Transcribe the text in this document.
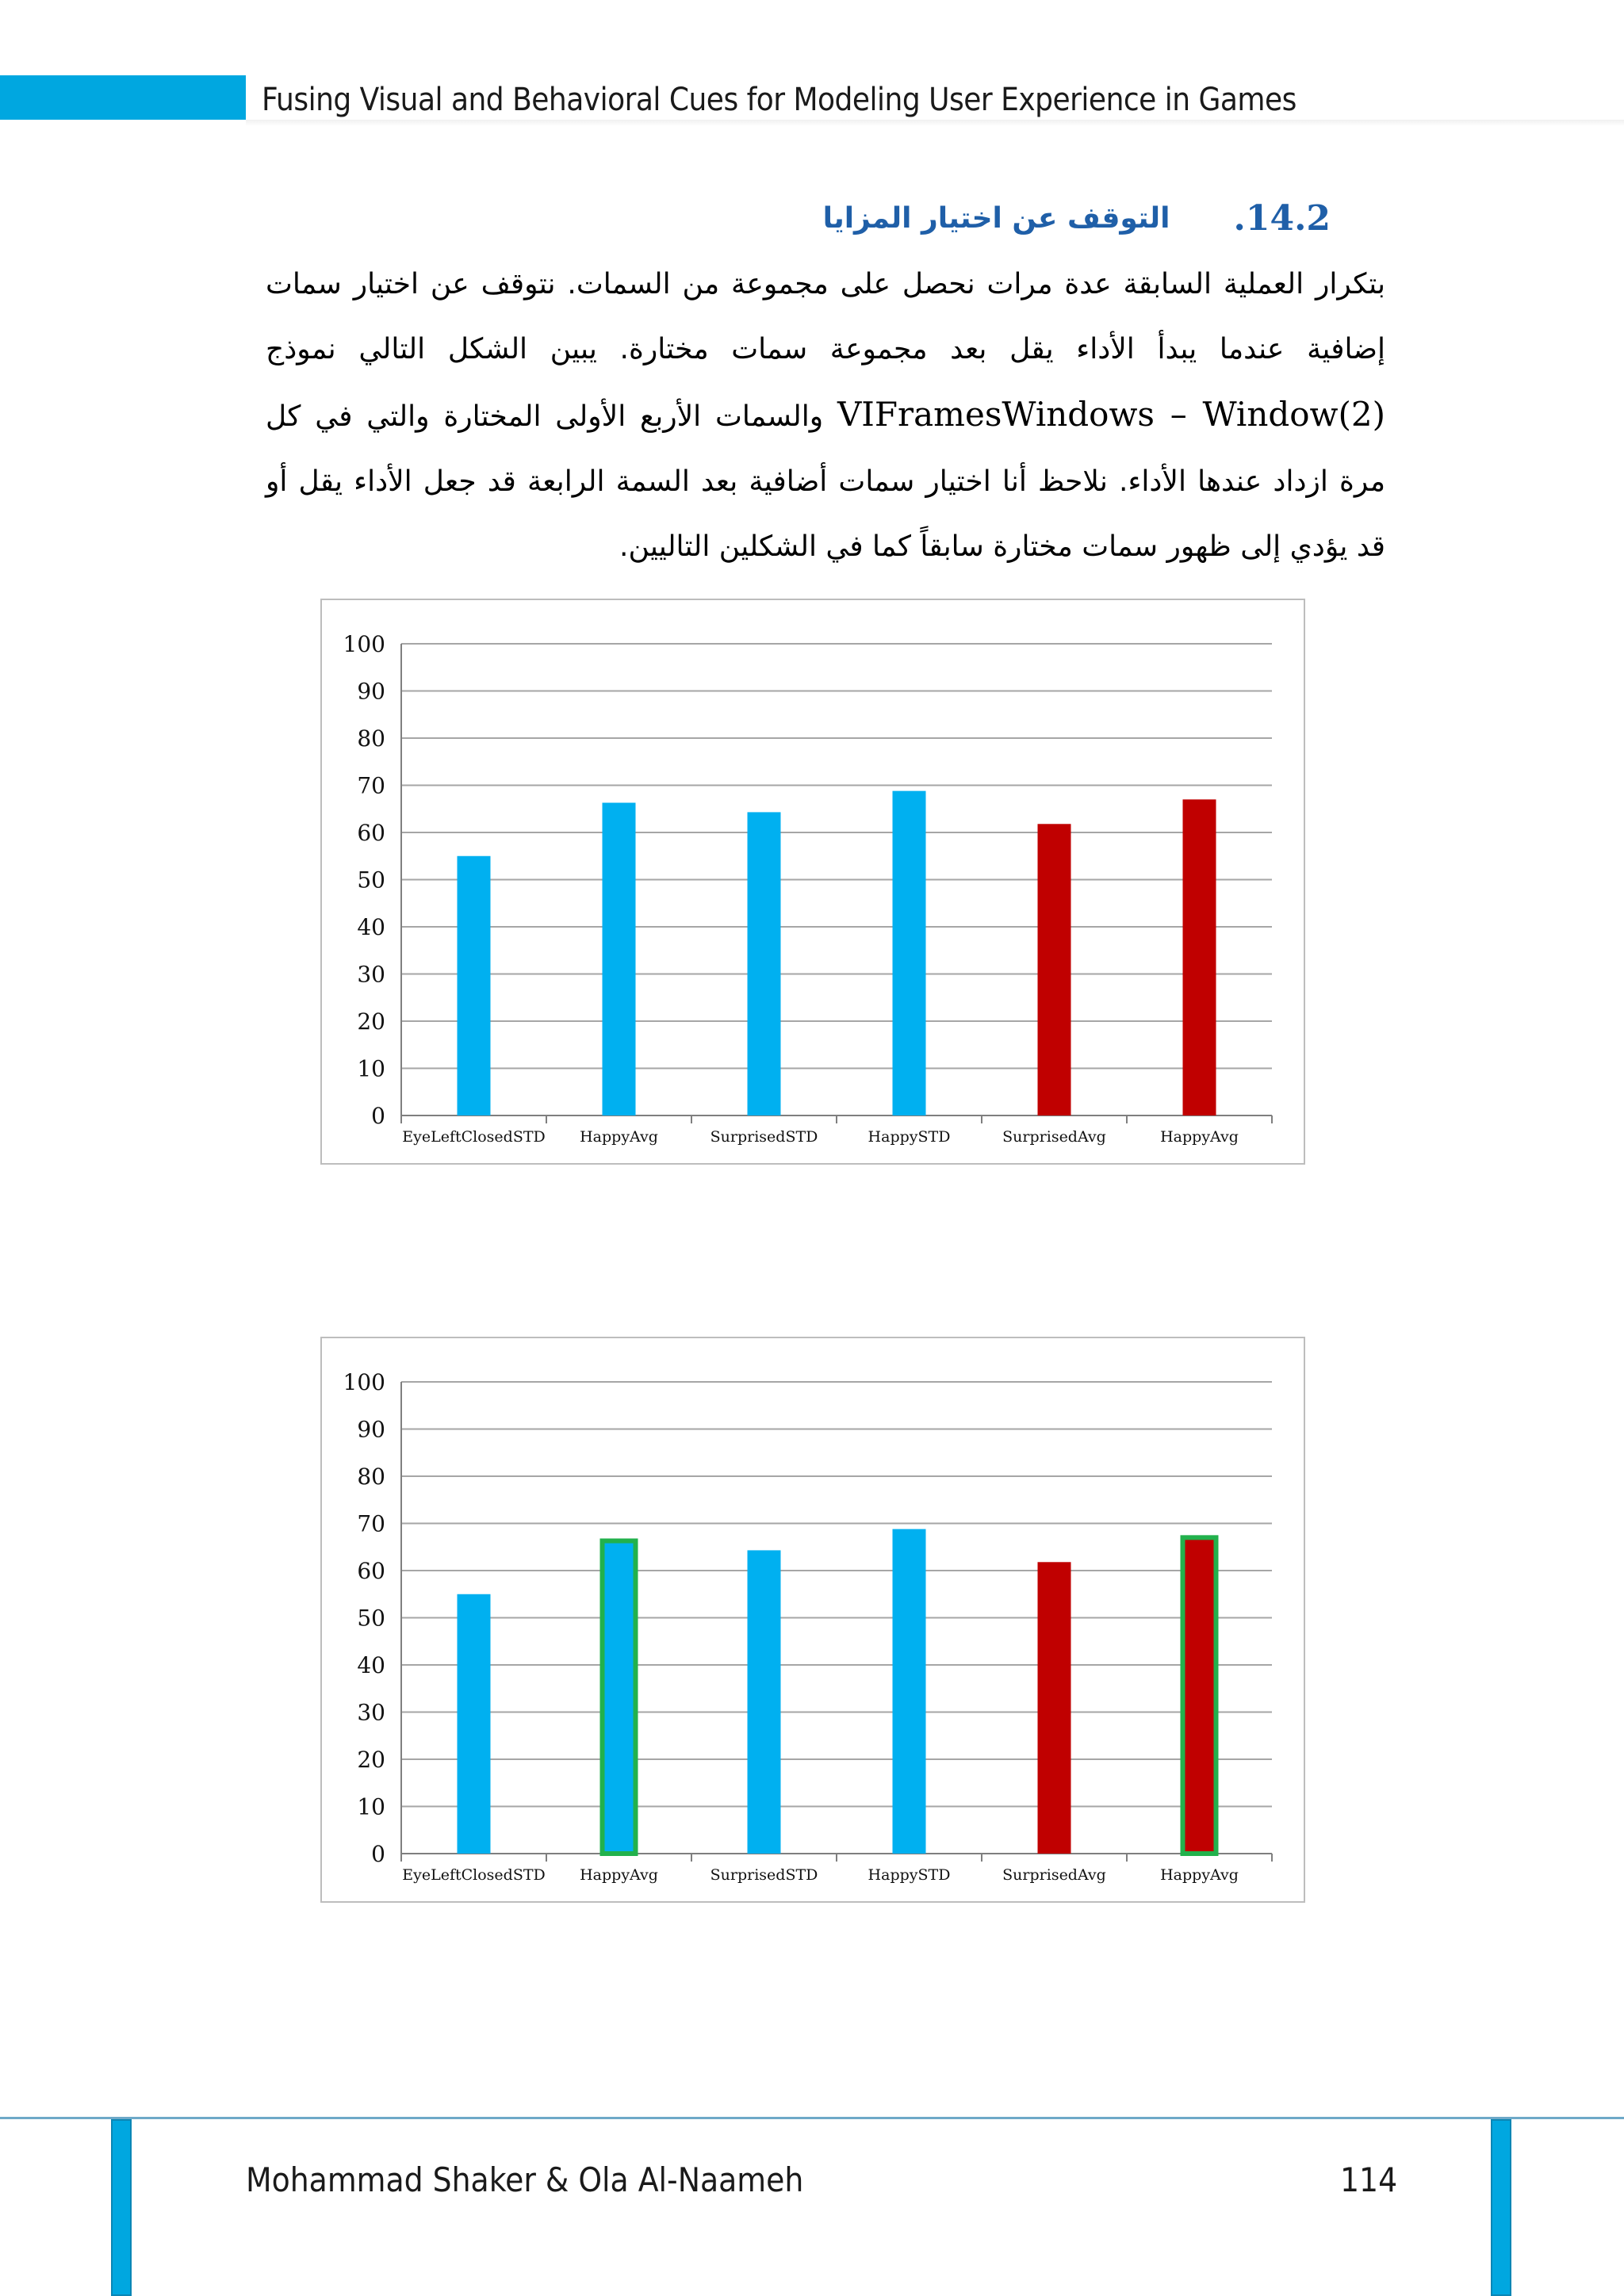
Fusing Visual and Behavioral Cues for Modeling User Experience in Games
.14.2
التوقف عن اختيار المزايا
بتكرار العملية السابقة عدة مرات نحصل على مجموعة من السمات. نتوقف عن اختيار سمات إضافية عندما يبدأ الأداء يقل بعد مجموعة سمات مختارة. يبين الشكل التالي نموذج VIFramesWindows – Window(2) والسمات الأربع الأولى المختارة والتي في كل مرة ازداد عندها الأداء. نلاحظ أنا اختيار سمات أضافية بعد السمة الرابعة قد جعل الأداء يقل أو قد يؤدي إلى ظهور سمات مختارة سابقاً كما في الشكلين التاليين.
0
10
20
30
40
50
60
70
80
90
100
EyeLeftClosedSTD HappyAvg	SurprisedSTD	HappySTD	SurprisedAvg	HappyAvg
0
10
20
30
40
50
60
70
80
90
100
EyeLeftClosedSTD HappyAvg	SurprisedSTD	HappySTD	SurprisedAvg	HappyAvg
Mohammad Shaker & Ola Al-Naameh	114
